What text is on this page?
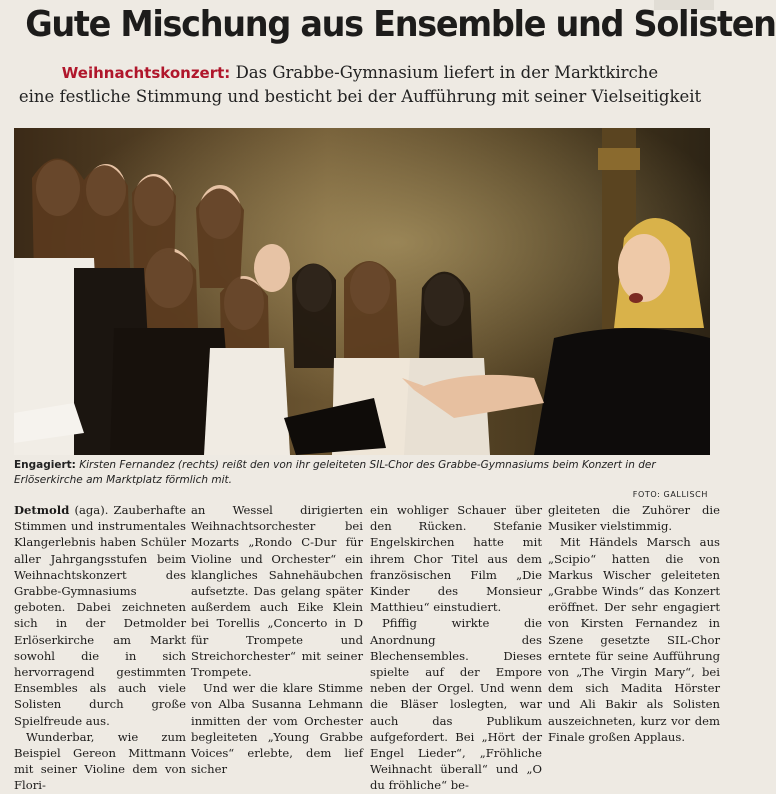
Gute Mischung aus Ensemble und Solisten
Weihnachtskonzert: Das Grabbe-Gymnasium liefert in der Marktkirche
eine festliche Stimmung und besticht bei der Aufführung mit seiner Vielseitigkeit
Engagiert: Kirsten Fernandez (rechts) reißt den von ihr geleiteten SIL-Chor des Grabbe-Gymnasiums beim Konzert in der Erlöserkirche am Marktplatz förmlich mit.
FOTO: GALLISCH

Detmold (aga). Zauberhafte Stimmen und instrumentales Klangerlebnis haben Schüler aller Jahrgangsstufen beim Weihnachtskonzert des Grabbe-Gymnasiums geboten. Dabei zeichneten sich in der Detmolder Erlöserkirche am Markt sowohl die in sich hervorragend gestimmten Ensembles als auch viele Solisten durch große Spielfreude aus.

Wunderbar, wie zum Beispiel Gereon Mittmann mit seiner Violine dem von Flori-

an Wessel dirigierten Weihnachtsorchester bei Mozarts „Rondo C-Dur für Violine und Orchester“ ein klangliches Sahnehäubchen aufsetzte. Das gelang später außerdem auch Eike Klein bei Torellis „Concerto in D für Trompete und Streichorchester“ mit seiner Trompete.

Und wer die klare Stimme von Alba Susanna Lehmann inmitten der vom Orchester begleiteten „Young Grabbe Voices“ erlebte, dem lief sicher

ein wohliger Schauer über den Rücken. Stefanie Engelskirchen hatte mit ihrem Chor Titel aus dem französischen Film „Die Kinder des Monsieur Matthieu“ einstudiert.

Pfiffig wirkte die Anordnung des Blechensembles. Dieses spielte auf der Empore neben der Orgel. Und wenn die Bläser loslegten, war auch das Publikum aufgefordert. Bei „Hört der Engel Lieder“, „Fröhliche Weihnacht überall“ und „O du fröhliche“ be-

gleiteten die Zuhörer die Musiker vielstimmig.

Mit Händels Marsch aus „Scipio“ hatten die von Markus Wischer geleiteten „Grabbe Winds“ das Konzert eröffnet. Der sehr engagiert von Kirsten Fernandez in Szene gesetzte SIL-Chor erntete für seine Aufführung von „The Virgin Mary“, bei dem sich Madita Hörster und Ali Bakir als Solisten auszeichneten, kurz vor dem Finale großen Applaus.
